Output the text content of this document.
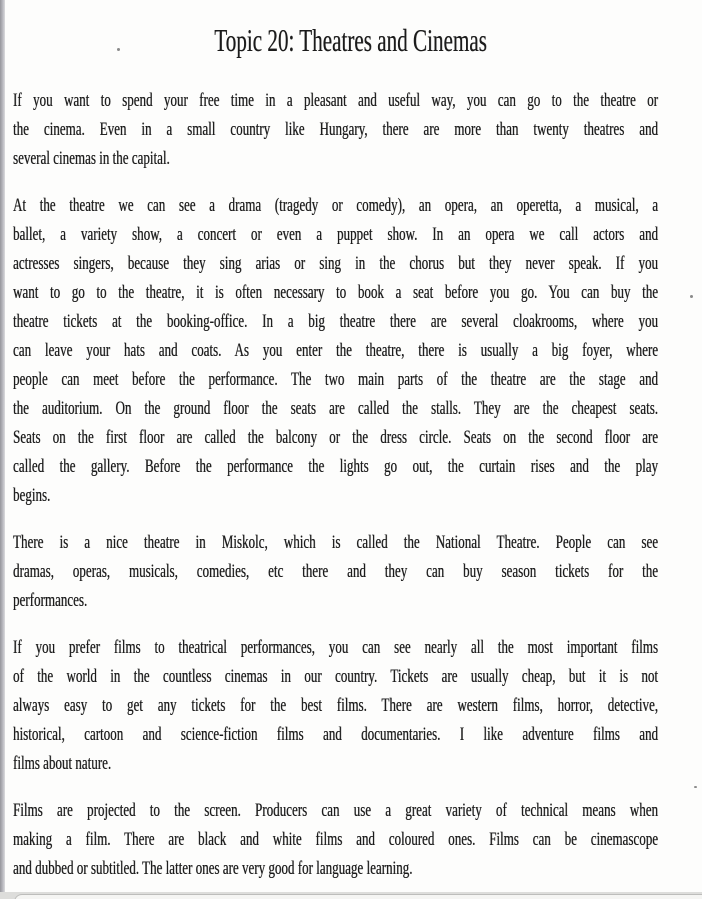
Topic 20: Theatres and Cinemas
If you want to spend your free time in a pleasant and useful way, you can go to the theatre or
the cinema. Even in a small country like Hungary, there are more than twenty theatres and
several cinemas in the capital.
At the theatre we can see a drama (tragedy or comedy), an opera, an operetta, a musical, a
ballet, a variety show, a concert or even a puppet show. In an opera we call actors and
actresses singers, because they sing arias or sing in the chorus but they never speak. If you
want to go to the theatre, it is often necessary to book a seat before you go. You can buy the
theatre tickets at the booking-office. In a big theatre there are several cloakrooms, where you
can leave your hats and coats. As you enter the theatre, there is usually a big foyer, where
people can meet before the performance. The two main parts of the theatre are the stage and
the auditorium. On the ground floor the seats are called the stalls. They are the cheapest seats.
Seats on the first floor are called the balcony or the dress circle. Seats on the second floor are
called the gallery. Before the performance the lights go out, the curtain rises and the play
begins.
There is a nice theatre in Miskolc, which is called the National Theatre. People can see
dramas, operas, musicals, comedies, etc there and they can buy season tickets for the
performances.
If you prefer films to theatrical performances, you can see nearly all the most important films
of the world in the countless cinemas in our country. Tickets are usually cheap, but it is not
always easy to get any tickets for the best films. There are western films, horror, detective,
historical, cartoon and science-fiction films and documentaries. I like adventure films and
films about nature.
Films are projected to the screen. Producers can use a great variety of technical means when
making a film. There are black and white films and coloured ones. Films can be cinemascope
and dubbed or subtitled. The latter ones are very good for language learning.
